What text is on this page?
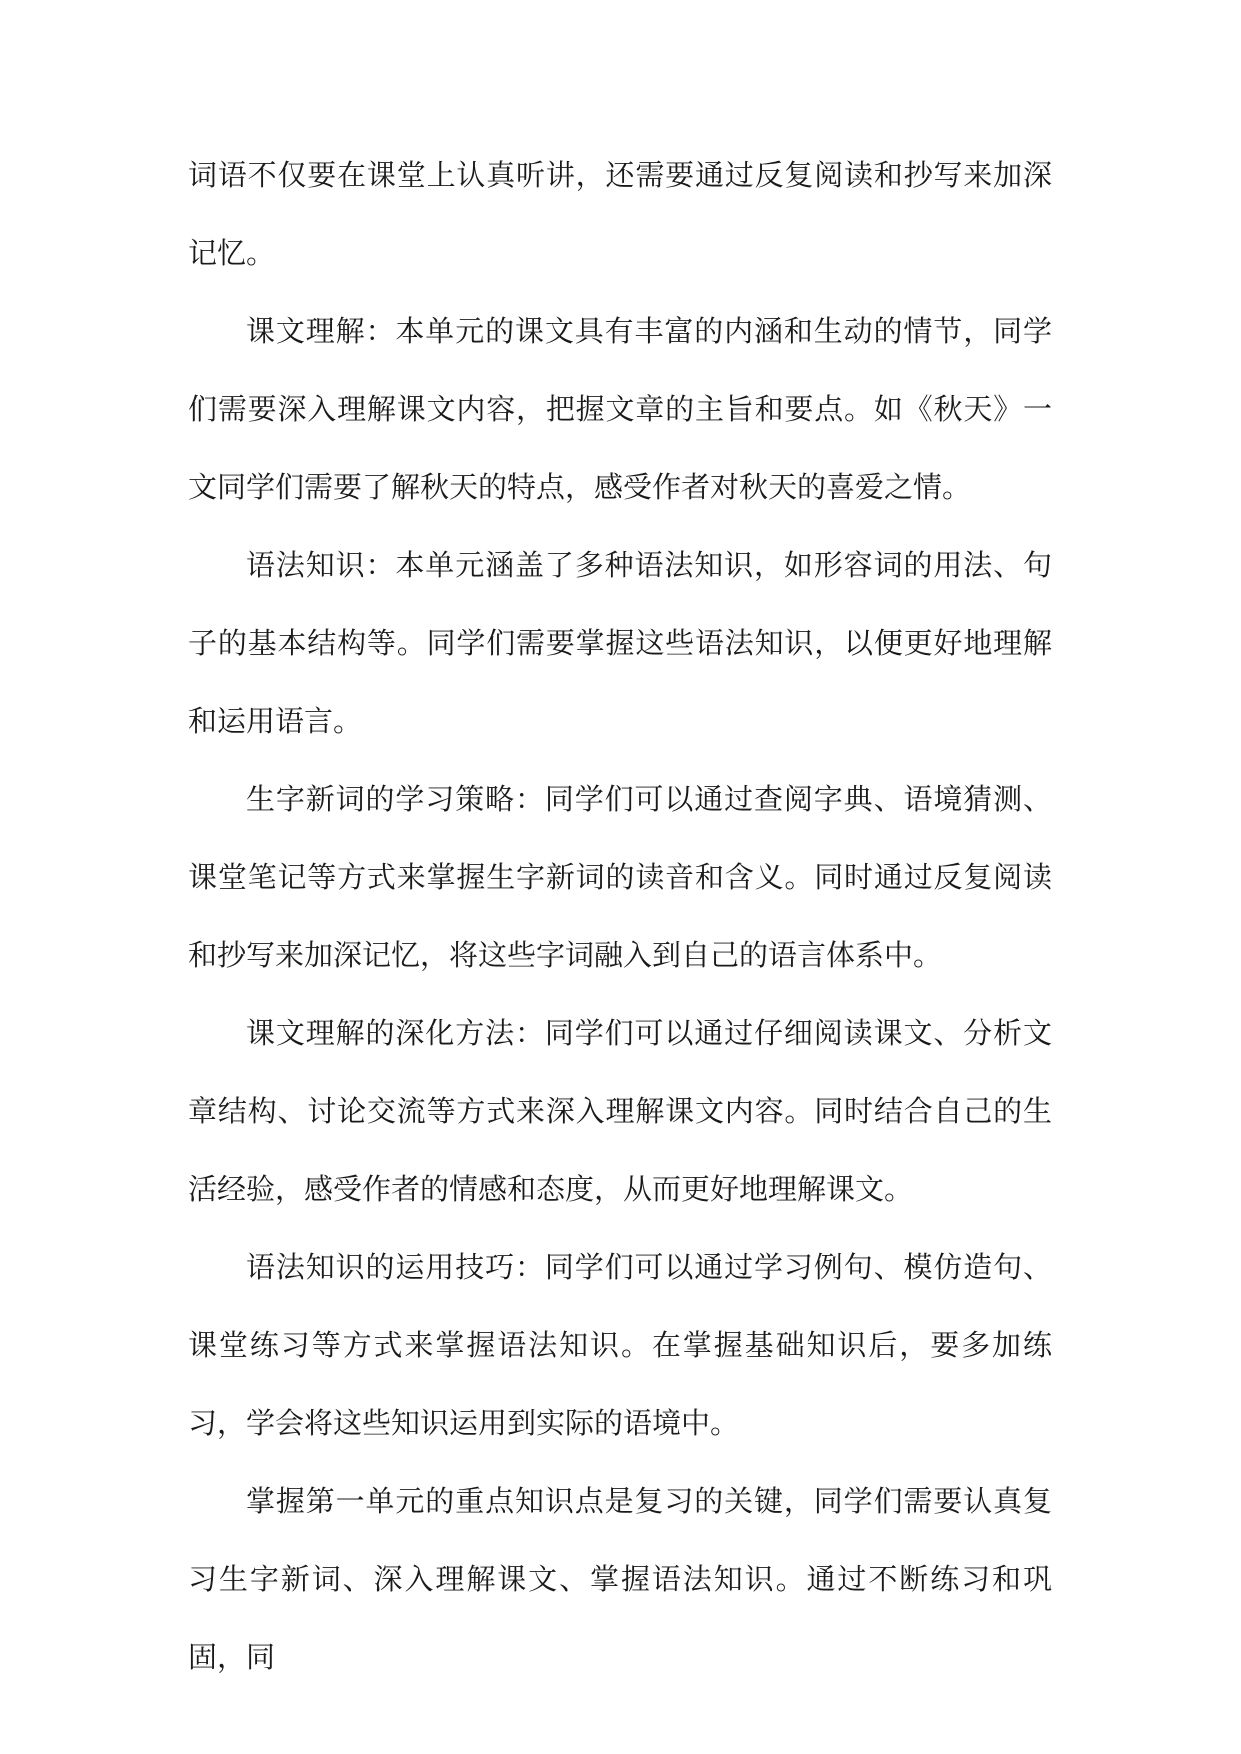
词语不仅要在课堂上认真听讲，还需要通过反复阅读和抄写来加深记忆。

课文理解：本单元的课文具有丰富的内涵和生动的情节，同学们需要深入理解课文内容，把握文章的主旨和要点。如《秋天》一文同学们需要了解秋天的特点，感受作者对秋天的喜爱之情。

语法知识：本单元涵盖了多种语法知识，如形容词的用法、句子的基本结构等。同学们需要掌握这些语法知识，以便更好地理解和运用语言。

生字新词的学习策略：同学们可以通过查阅字典、语境猜测、课堂笔记等方式来掌握生字新词的读音和含义。同时通过反复阅读和抄写来加深记忆，将这些字词融入到自己的语言体系中。

课文理解的深化方法：同学们可以通过仔细阅读课文、分析文章结构、讨论交流等方式来深入理解课文内容。同时结合自己的生活经验，感受作者的情感和态度，从而更好地理解课文。

语法知识的运用技巧：同学们可以通过学习例句、模仿造句、课堂练习等方式来掌握语法知识。在掌握基础知识后，要多加练习，学会将这些知识运用到实际的语境中。

掌握第一单元的重点知识点是复习的关键，同学们需要认真复习生字新词、深入理解课文、掌握语法知识。通过不断练习和巩固，同
